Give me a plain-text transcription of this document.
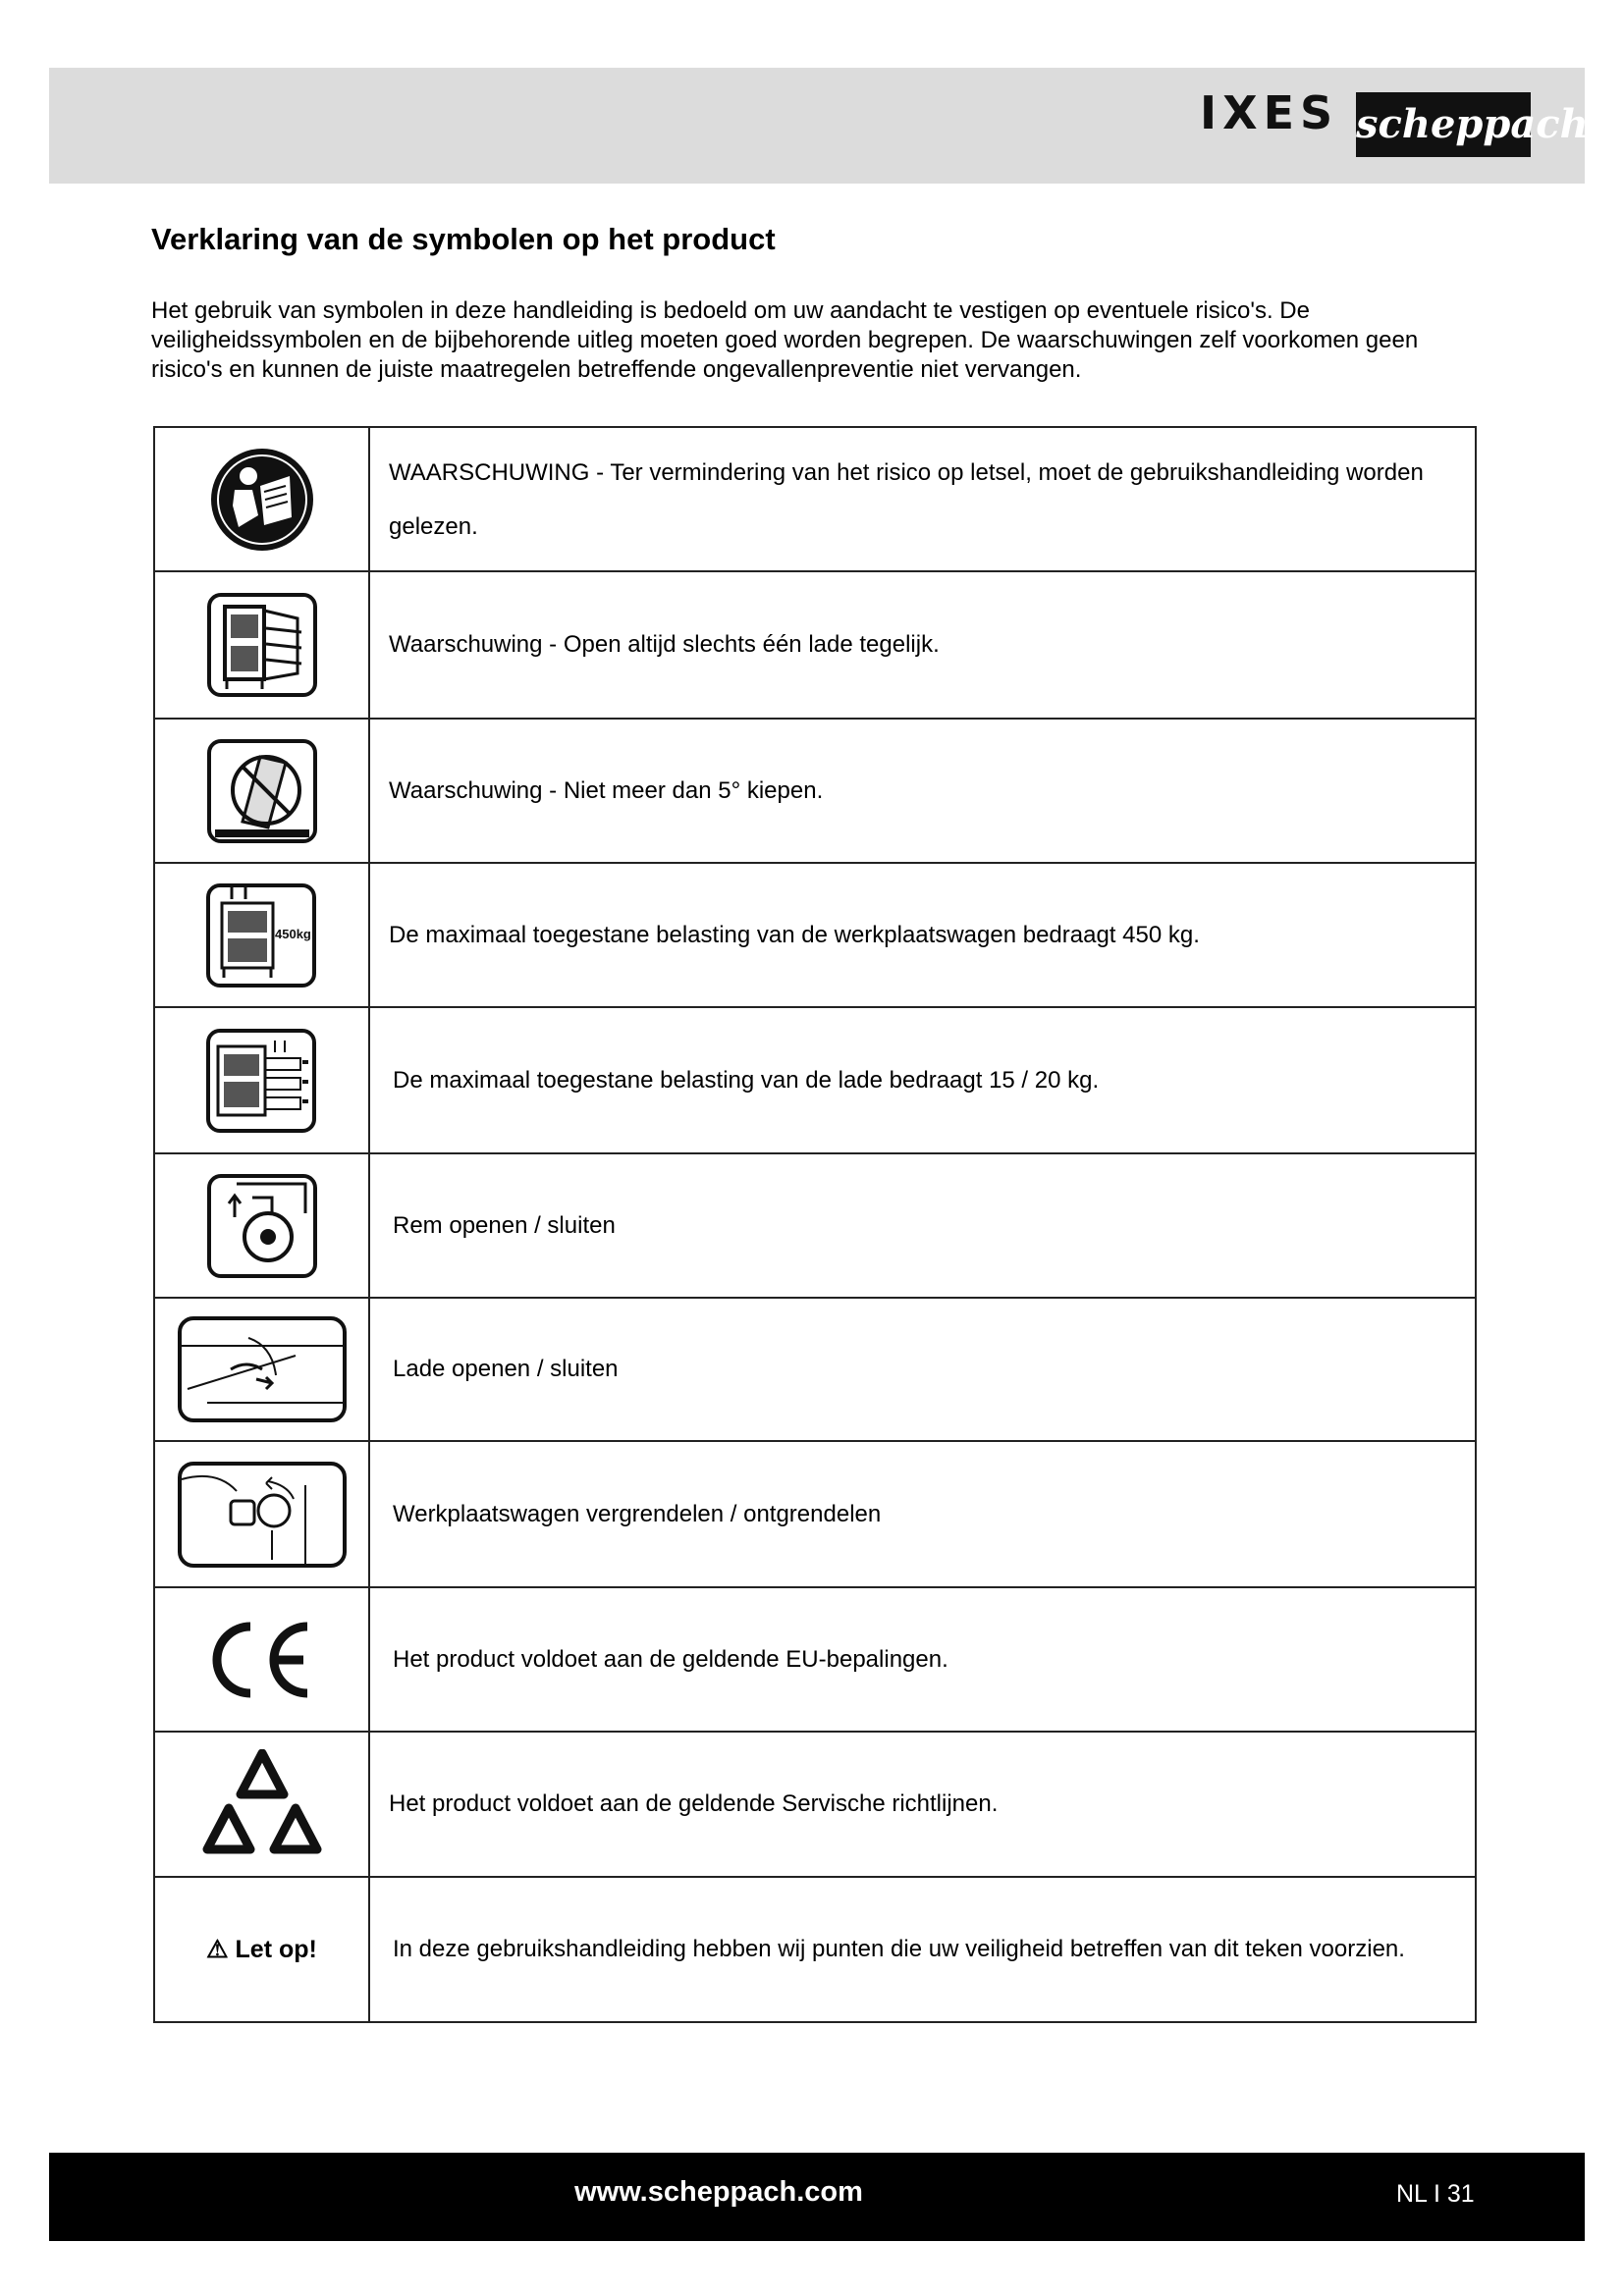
IXES scheppach
Verklaring van de symbolen op het product

Het gebruik van symbolen in deze handleiding is bedoeld om uw aandacht te vestigen op eventuele risico's. De veiligheidssymbolen en de bijbehorende uitleg moeten goed worden begrepen. De waarschuwingen zelf voorkomen geen risico's en kunnen de juiste maatregelen betreffende ongevallenpreventie niet vervangen.

	WAARSCHUWING - Ter vermindering van het risico op letsel, moet de gebruikshandleiding worden gelezen.

	Waarschuwing - Open altijd slechts één lade tegelijk.

	Waarschuwing - Niet meer dan 5° kiepen.

450kg	De maximaal toegestane belasting van de werkplaatswagen bedraagt 450 kg.

	De maximaal toegestane belasting van de lade bedraagt 15 / 20 kg.

	Rem openen / sluiten

	Lade openen / sluiten

	Werkplaatswagen vergrendelen / ontgrendelen

	Het product voldoet aan de geldende EU-bepalingen.

	Het product voldoet aan de geldende Servische richtlijnen.
⚠ Let op!	In deze gebruikshandleiding hebben wij punten die uw veiligheid betreffen van dit teken voorzien.
www.scheppach.com	NL I 31
